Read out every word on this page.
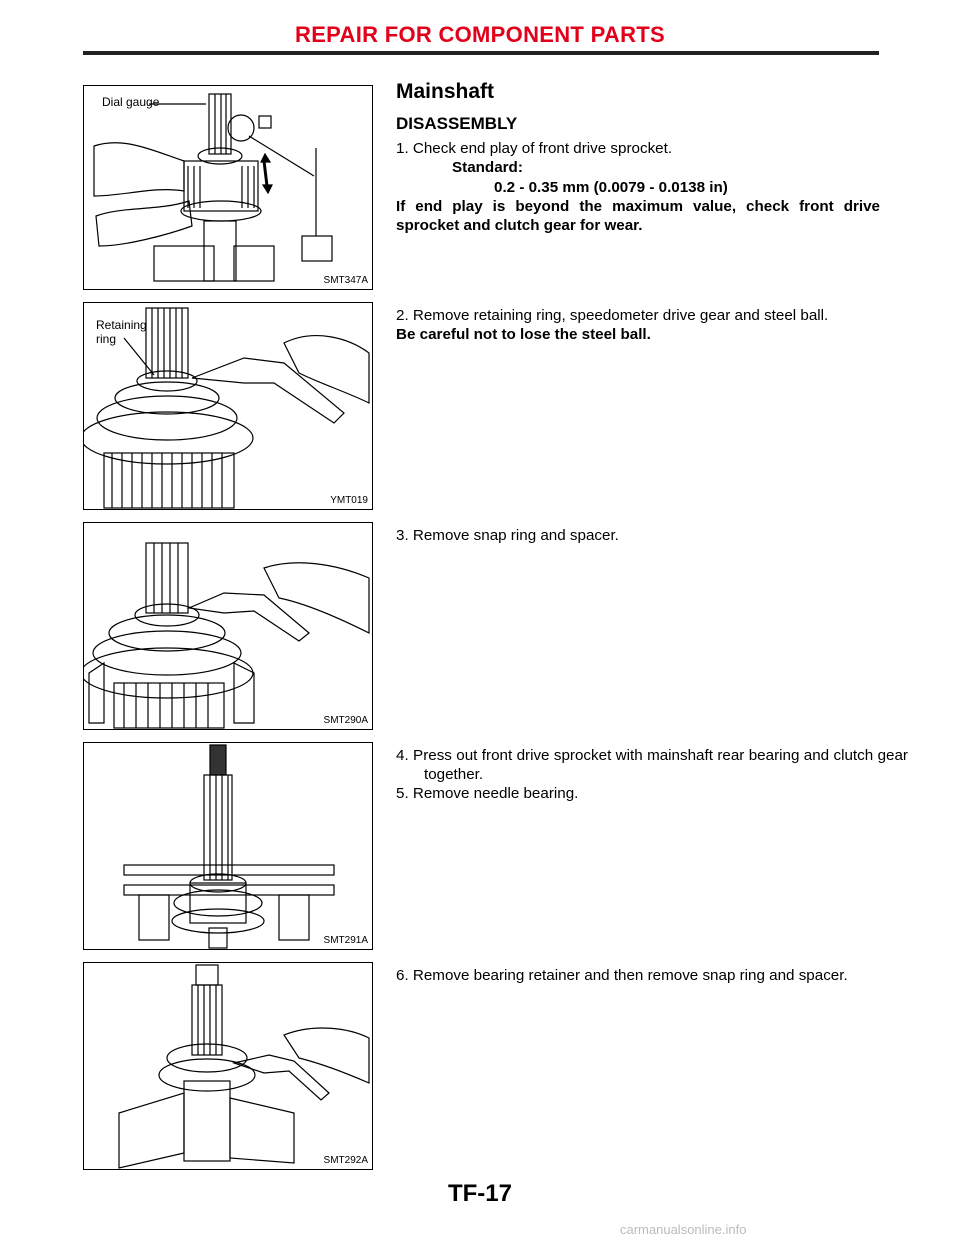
REPAIR FOR COMPONENT PARTS
Dial gauge
SMT347A
Mainshaft
DISASSEMBLY
1. Check end play of front drive sprocket.
Standard:
0.2 - 0.35 mm (0.0079 - 0.0138 in)
If end play is beyond the maximum value, check front drive sprocket and clutch gear for wear.
Retaining
ring
YMT019
2. Remove retaining ring, speedometer drive gear and steel ball.
Be careful not to lose the steel ball.
SMT290A
3. Remove snap ring and spacer.
SMT291A
4. Press out front drive sprocket with mainshaft rear bearing and clutch gear together.
5. Remove needle bearing.
SMT292A
6. Remove bearing retainer and then remove snap ring and spacer.
TF-17
carmanualsonline.info
